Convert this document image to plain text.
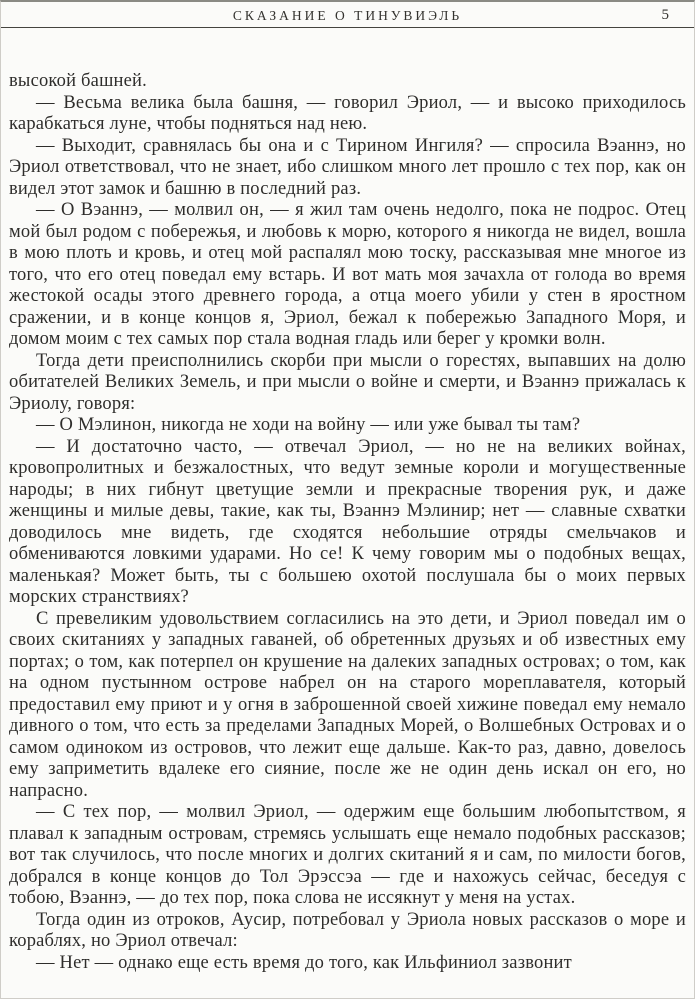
СКАЗАНИЕ О ТИНУВИЭЛЬ	5

высокой башней.

— Весьма велика была башня, — говорил Эриол, — и высоко приходилось карабкаться луне, чтобы подняться над нею.

— Выходит, сравнялась бы она и с Тирином Ингиля? — спросила Вэаннэ, но Эриол ответствовал, что не знает, ибо слишком много лет прошло с тех пор, как он видел этот замок и башню в последний раз.

— О Вэаннэ, — молвил он, — я жил там очень недолго, пока не подрос. Отец мой был родом с побережья, и любовь к морю, которого я никогда не видел, вошла в мою плоть и кровь, и отец мой распалял мою тоску, рассказывая мне многое из того, что его отец поведал ему встарь. И вот мать моя зачахла от голода во время жестокой осады этого древнего города, а отца моего убили у стен в яростном сражении, и в конце концов я, Эриол, бежал к побережью Западного Моря, и домом моим с тех самых пор стала водная гладь или берег у кромки волн.

Тогда дети преисполнились скорби при мысли о горестях, выпавших на долю обитателей Великих Земель, и при мысли о войне и смерти, и Вэаннэ прижалась к Эриолу, говоря:

— О Мэлинон, никогда не ходи на войну — или уже бывал ты там?

— И достаточно часто, — отвечал Эриол, — но не на великих войнах, кровопролитных и безжалостных, что ведут земные короли и могущественные народы; в них гибнут цветущие земли и прекрасные творения рук, и даже женщины и милые девы, такие, как ты, Вэаннэ Мэлинир; нет — славные схватки доводилось мне видеть, где сходятся небольшие отряды смельчаков и обмениваются ловкими ударами. Но се! К чему говорим мы о подобных вещах, маленькая? Может быть, ты с большею охотой послушала бы о моих первых морских странствиях?

С превеликим удовольствием согласились на это дети, и Эриол поведал им о своих скитаниях у западных гаваней, об обретенных друзьях и об известных ему портах; о том, как потерпел он крушение на далеких западных островах; о том, как на одном пустынном острове набрел он на старого мореплавателя, который предоставил ему приют и у огня в заброшенной своей хижине поведал ему немало дивного о том, что есть за пределами Западных Морей, о Волшебных Островах и о самом одиноком из островов, что лежит еще дальше. Как-то раз, давно, довелось ему заприметить вдалеке его сияние, после же не один день искал он его, но напрасно.

— С тех пор, — молвил Эриол, — одержим еще большим любопытством, я плавал к западным островам, стремясь услышать еще немало подобных рассказов; вот так случилось, что после многих и долгих скитаний я и сам, по милости богов, добрался в конце концов до Тол Эрэссэа — где и нахожусь сейчас, беседуя с тобою, Вэаннэ, — до тех пор, пока слова не иссякнут у меня на устах.

Тогда один из отроков, Аусир, потребовал у Эриола новых рассказов о море и кораблях, но Эриол отвечал:

— Нет — однако еще есть время до того, как Ильфиниол зазвонит
